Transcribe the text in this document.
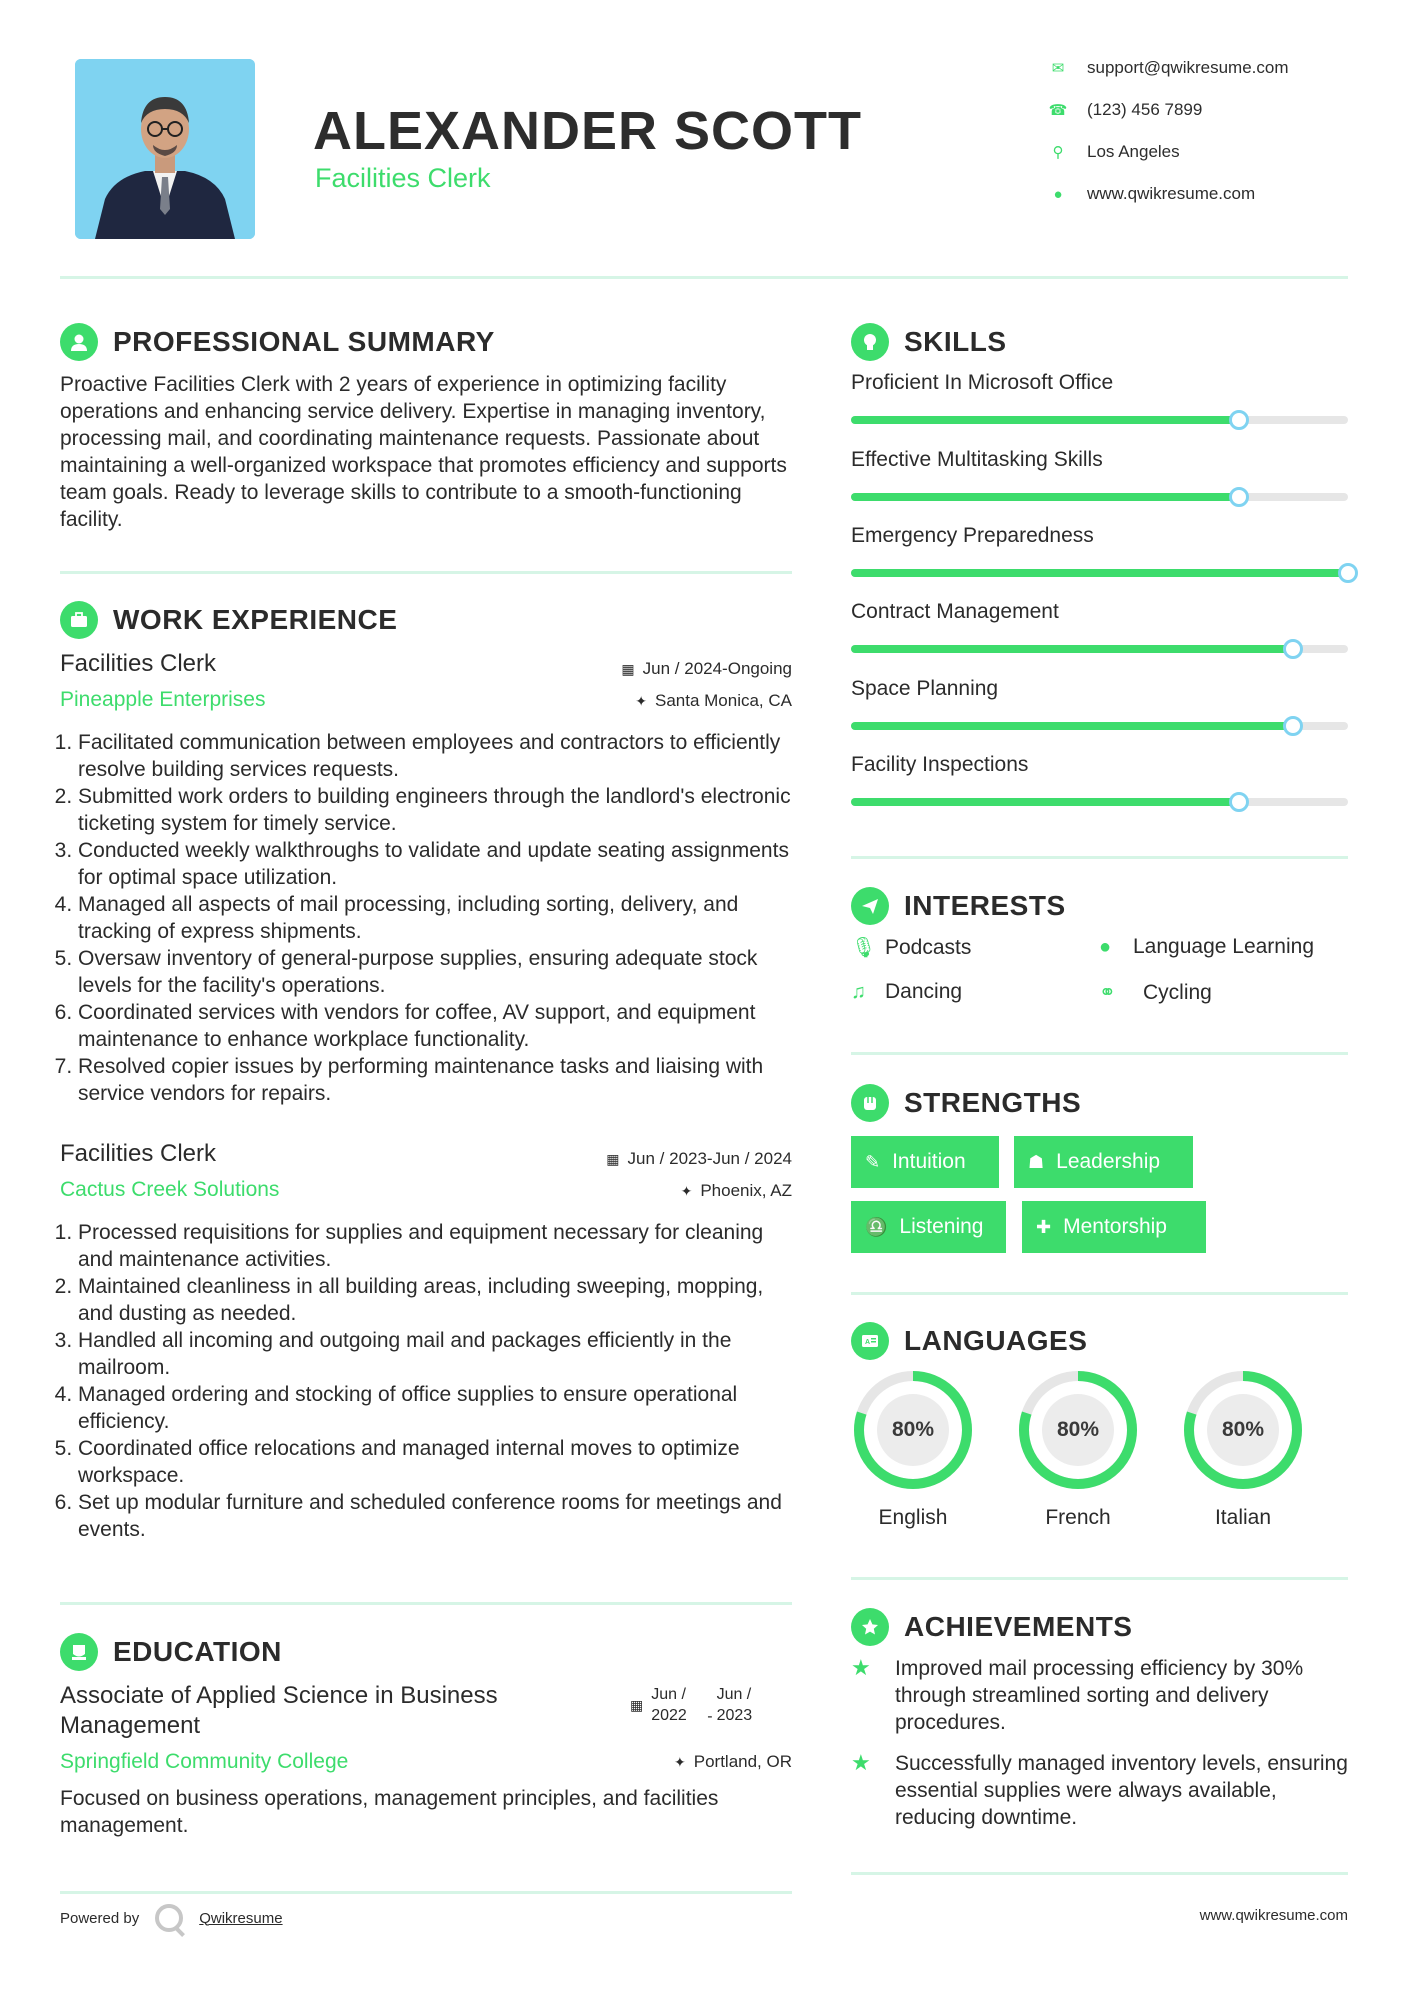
ALEXANDER SCOTT
Facilities Clerk
✉	support@qwikresume.com
☎ (123) 456 7899
⚲	Los Angeles
●	www.qwikresume.com
PROFESSIONAL SUMMARY
Proactive Facilities Clerk with 2 years of experience in optimizing facility operations and enhancing service delivery. Expertise in managing inventory, processing mail, and coordinating maintenance requests. Passionate about maintaining a well-organized workspace that promotes efficiency and supports team goals. Ready to leverage skills to contribute to a smooth-functioning facility.
WORK EXPERIENCE
Facilities Clerk	▦ Jun / 2024-Ongoing
Pineapple Enterprises	✦ Santa Monica, CA
1. Facilitated communication between employees and contractors to efficiently resolve building services requests.
2. Submitted work orders to building engineers through the landlord's electronic ticketing system for timely service.
3. Conducted weekly walkthroughs to validate and update seating assignments for optimal space utilization.
4. Managed all aspects of mail processing, including sorting, delivery, and tracking of express shipments.
5. Oversaw inventory of general-purpose supplies, ensuring adequate stock levels for the facility's operations.
6. Coordinated services with vendors for coffee, AV support, and equipment maintenance to enhance workplace functionality.
7. Resolved copier issues by performing maintenance tasks and liaising with service vendors for repairs.
Facilities Clerk	▦ Jun / 2023-Jun / 2024
Cactus Creek Solutions	✦ Phoenix, AZ
1. Processed requisitions for supplies and equipment necessary for cleaning and maintenance activities.
2. Maintained cleanliness in all building areas, including sweeping, mopping, and dusting as needed.
3. Handled all incoming and outgoing mail and packages efficiently in the mailroom.
4. Managed ordering and stocking of office supplies to ensure operational efficiency.
5. Coordinated office relocations and managed internal moves to optimize workspace.
6. Set up modular furniture and scheduled conference rooms for meetings and events.
EDUCATION
Associate of Applied Science in Business Management
▦
Jun / 2022	-
Jun / 2023
Springfield Community College	✦ Portland, OR
Focused on business operations, management principles, and facilities management.
SKILLS
Proficient In Microsoft Office
Effective Multitasking Skills
Emergency Preparedness
Contract Management
Space Planning
Facility Inspections
INTERESTS
🎙 Podcasts	●	Language Learning
♫ Dancing	⚭	Cycling
STRENGTHS
✎ Intuition	☗ Leadership
♎ Listening	✚ Mentorship
A LANGUAGES
80%
English
80%
French
80%
Italian
ACHIEVEMENTS
★	Improved mail processing efficiency by 30% through streamlined sorting and delivery procedures.
★	Successfully managed inventory levels, ensuring essential supplies were always available, reducing downtime.
Powered by	Qwikresume	www.qwikresume.com
